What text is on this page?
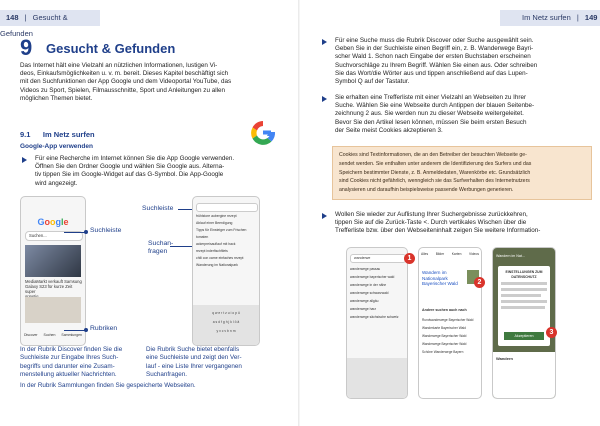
148 | Gesucht & Gefunden
9 Gesucht & Gefunden
Das Internet hält eine Vielzahl an nützlichen Informationen, lustigen Vi-
deos, Einkaufsmöglichkeiten u. v. m. bereit. Dieses Kapitel beschäftigt sich
mit den Suchfunktionen der App Google und dem Videoportal YouTube, das
Videos zu Sport, Spielen, Filmausschnitte, Sport und Anleitungen zu allen
möglichen Themen bietet.
9.1 Im Netz surfen
Google-App verwenden
Für eine Recherche im Internet können Sie die App Google verwenden.
Öffnen Sie den Ordner Google und wählen Sie Google aus. Alterna-
tiv tippen Sie im Google-Widget auf das G-Symbol. Die App-Google
wird angezeigt.
Google
Suchen...
MediaMarkt verkauft Samsung
Galaxy S23 für kurze Zeit super
Discover Suchen Sammlungen
Suchleiste
Rubriken
Suchleiste
Suchan-
fragen
frühlstore aubergine rezept
Ablauf einer Beerdigung
Tipps für Einsteiger zum Frischen tomaten
ackerpreisauflauf mit hack
rezept inderfischfilets
chili con carne einfaches rezept
Wanderung im Nationalpark
q w e r t z u i o p ü
a s d f g h j k l ö ä
y x c v b n m
In der Rubrik Discover finden Sie die
Suchleiste zur Eingabe Ihres Such-
begriffs und darunter eine Zusam-
menstellung aktueller Nachrichten.
In der Rubrik Sammlungen finden Sie gespeicherte Webseiten.
Die Rubrik Suche bietet ebenfalls
eine Suchleiste und zeigt den Ver-
lauf - eine Liste Ihrer vergangenen
Suchanfragen.
Im Netz surfen | 149
Für eine Suche muss die Rubrik Discover oder Suche ausgewählt sein.
Geben Sie in der Suchleiste einen Begriff ein, z. B. Wanderwege Bayri-
scher Wald 1. Schon nach Eingabe der ersten Buchstaben erscheinen
Suchvorschläge zu Ihrem Begriff. Wählen Sie einen aus. Oder schreiben
Sie das Wort/die Wörter aus und tippen anschließend auf das Lupen-
Symbol Q auf der Tastatur.
Sie erhalten eine Trefferliste mit einer Vielzahl an Webseiten zu Ihrer
Suche. Wählen Sie eine Webseite durch Antippen der blauen Seitenbe-
zeichnung 2 aus. Sie werden nun zu dieser Webseite weitergeleitet.
Bevor Sie den Artikel lesen können, müssen Sie beim ersten Besuch
der Seite meist Cookies akzeptieren 3.
Cookies sind Textinformationen, die an den Betreiber der besuchten Webseite ge-
sendet werden. Sie enthalten unter anderem die Identifizierung des Surfers und das
Speichern bestimmter Dienste, z. B. Anmeldedaten, Warenkörbe etc. Grundsätzlich
sind Cookies nicht gefährlich, wenngleich sie das Surfverhalten des Internetnutzers
analysieren und daraufhin beispielsweise passende Werbungen generieren.
Wollen Sie wieder zur Auflistung Ihrer Suchergebnisse zurückkehren,
tippen Sie auf die Zurück-Taste <. Durch vertikales Wischen über die
Trefferliste bzw. über den Webseiteninhalt zeigen Sie weitere Information-
wanderwe
wanderwege passau
wanderwege bayerischer wald
wanderwege in der nähe
wanderwege schwarzwald
wanderwege allgäu
wanderwege harz
wanderwege sächsische schweiz
1
Alles Bilder Karten Videos
Wandern im Nationalpark Bayerischer Wald
Andere suchen auch nach
Rundwanderwege Bayerischer Wald
Wanderkarte Bayerischer Wald
Wanderwege Bayerischer Wald
Wanderwege Bayerischer Wald
Schöne Wanderwege Bayern
2
Wandern im Nat...
EINSTELLUNGEN ZUM DATENSCHUTZ
Akzeptieren
Wandern
3
